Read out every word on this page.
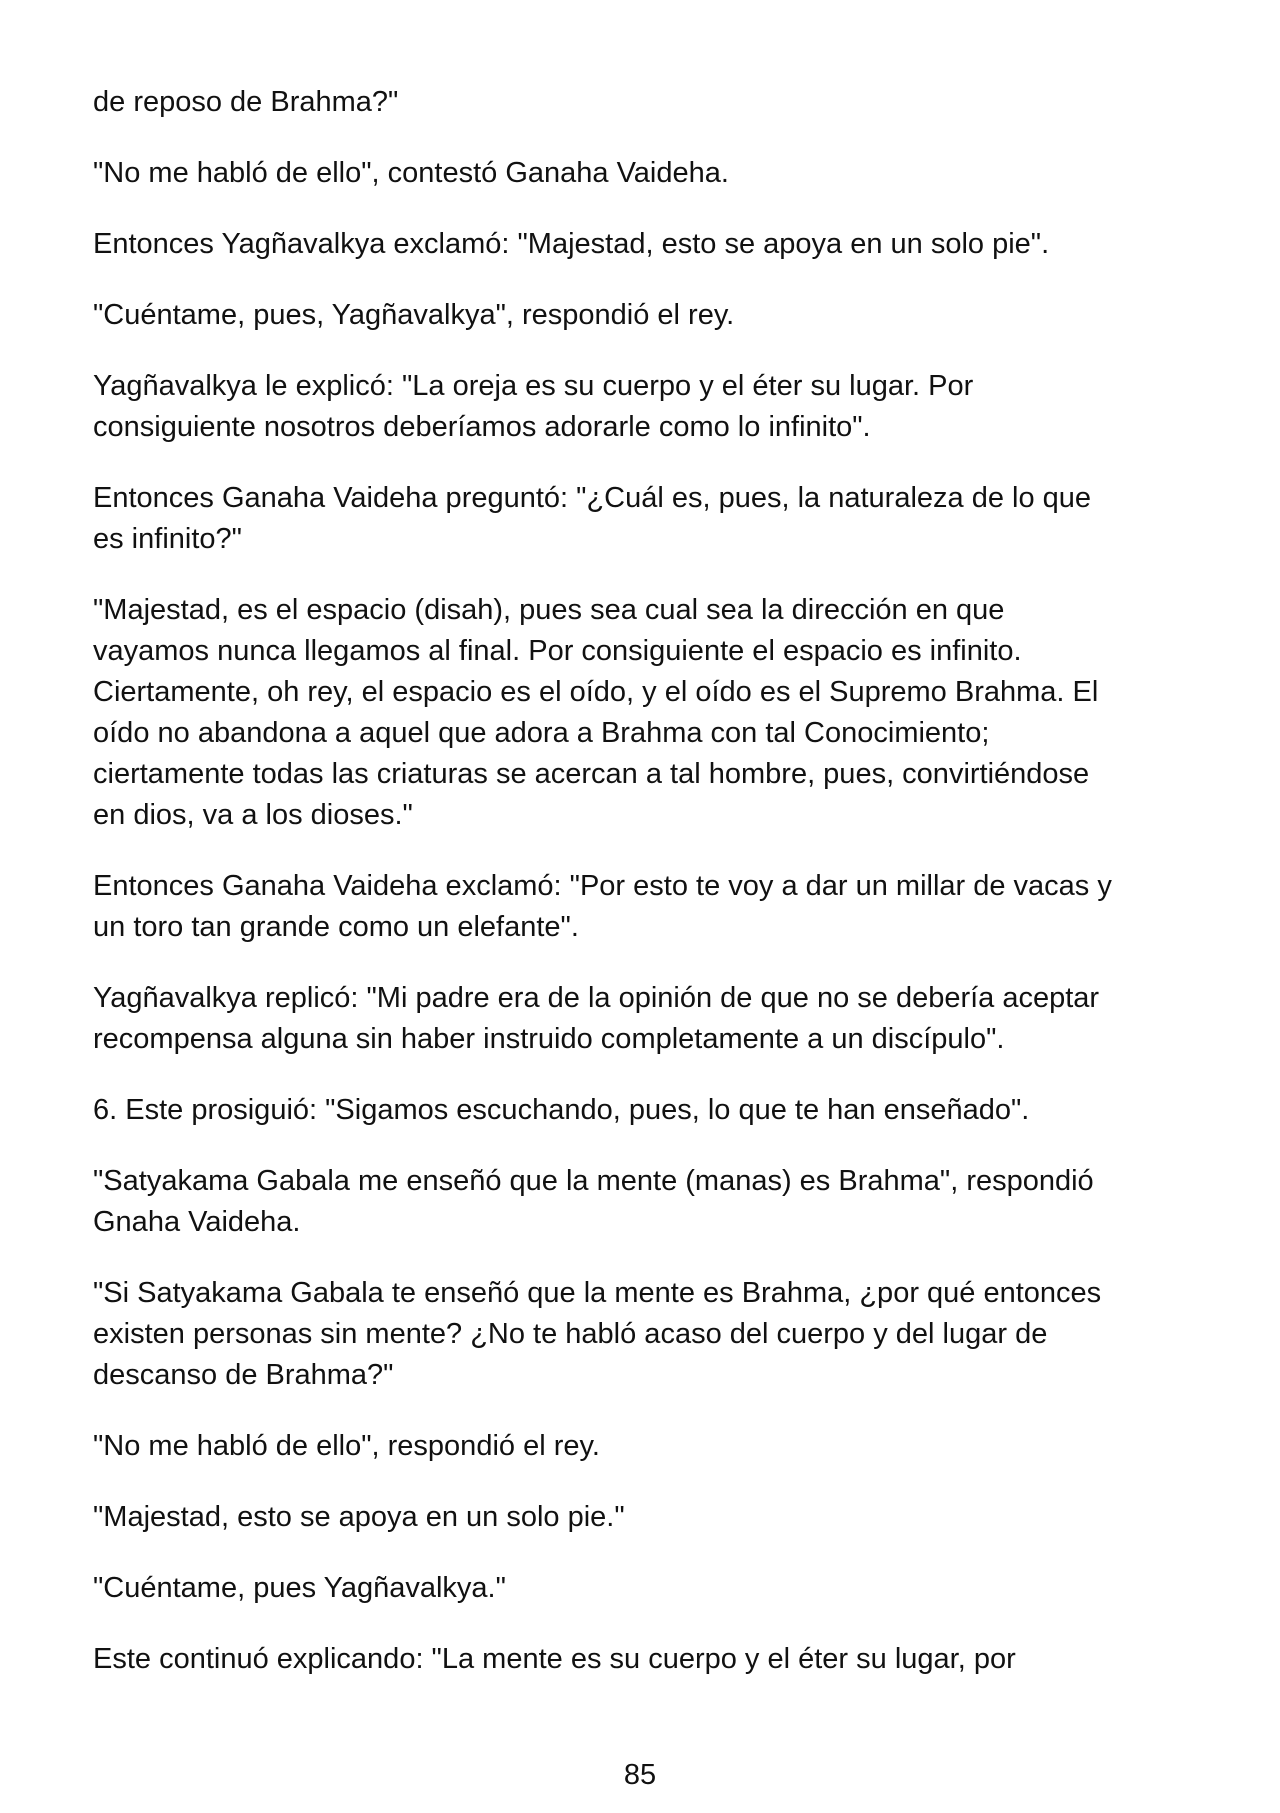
de reposo de Brahma?"

"No me habló de ello", contestó Ganaha Vaideha.

Entonces Yagñavalkya exclamó: "Majestad, esto se apoya en un solo pie".

"Cuéntame, pues, Yagñavalkya", respondió el rey.

Yagñavalkya le explicó: "La oreja es su cuerpo y el éter su lugar. Por
consiguiente nosotros deberíamos adorarle como lo infinito".

Entonces Ganaha Vaideha preguntó: "¿Cuál es, pues, la naturaleza de lo que
es infinito?"

"Majestad, es el espacio (disah), pues sea cual sea la dirección en que
vayamos nunca llegamos al final. Por consiguiente el espacio es infinito.
Ciertamente, oh rey, el espacio es el oído, y el oído es el Supremo Brahma. El
oído no abandona a aquel que adora a Brahma con tal Conocimiento;
ciertamente todas las criaturas se acercan a tal hombre, pues, convirtiéndose
en dios, va a los dioses."

Entonces Ganaha Vaideha exclamó: "Por esto te voy a dar un millar de vacas y
un toro tan grande como un elefante".

Yagñavalkya replicó: "Mi padre era de la opinión de que no se debería aceptar
recompensa alguna sin haber instruido completamente a un discípulo".

6. Este prosiguió: "Sigamos escuchando, pues, lo que te han enseñado".

"Satyakama Gabala me enseñó que la mente (manas) es Brahma", respondió
Gnaha Vaideha.

"Si Satyakama Gabala te enseñó que la mente es Brahma, ¿por qué entonces
existen personas sin mente? ¿No te habló acaso del cuerpo y del lugar de
descanso de Brahma?"

"No me habló de ello", respondió el rey.

"Majestad, esto se apoya en un solo pie."

"Cuéntame, pues Yagñavalkya."

Este continuó explicando: "La mente es su cuerpo y el éter su lugar, por

85
